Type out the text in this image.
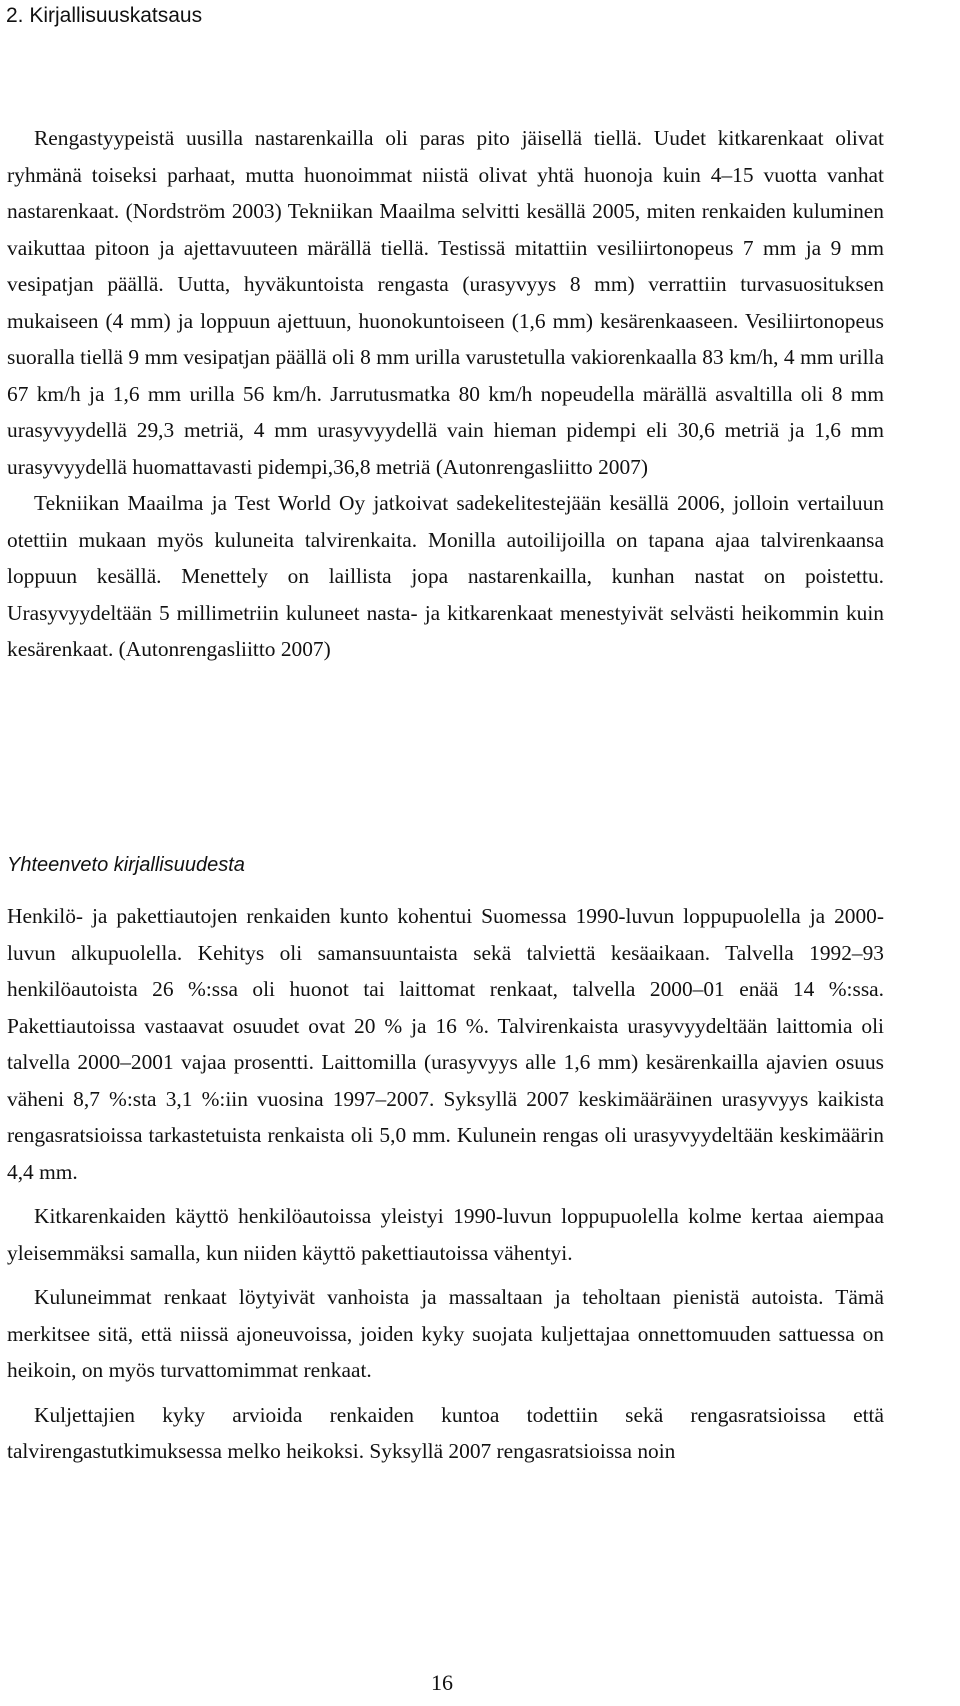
2. Kirjallisuuskatsaus

Rengastyypeistä uusilla nastarenkailla oli paras pito jäisellä tiellä. Uudet kitkarenkaat olivat ryhmänä toiseksi parhaat, mutta huonoimmat niistä olivat yhtä huonoja kuin 4–15 vuotta vanhat nastarenkaat. (Nordström 2003) Tekniikan Maailma selvitti kesällä 2005, miten renkaiden kuluminen vaikuttaa pitoon ja ajettavuuteen märällä tiellä. Testissä mitattiin vesiliirtonopeus 7 mm ja 9 mm vesipatjan päällä. Uutta, hyväkuntoista rengasta (urasyvyys 8 mm) verrattiin turvasuosituksen mukaiseen (4 mm) ja loppuun ajettuun, huonokuntoiseen (1,6 mm) kesärenkaaseen. Vesiliirtonopeus suoralla tiellä 9 mm vesipatjan päällä oli 8 mm urilla varustetulla vakiorenkaalla 83 km/h, 4 mm urilla 67 km/h ja 1,6 mm urilla 56 km/h. Jarrutusmatka 80 km/h nopeudella märällä asvaltilla oli 8 mm urasyvyydellä 29,3 metriä, 4 mm urasyvyydellä vain hieman pidempi eli 30,6 metriä ja 1,6 mm urasyvyydellä huomattavasti pidempi,36,8 metriä (Autonrengasliitto 2007)

Tekniikan Maailma ja Test World Oy jatkoivat sadekelitestejään kesällä 2006, jolloin vertailuun otettiin mukaan myös kuluneita talvirenkaita. Monilla autoilijoilla on tapana ajaa talvirenkaansa loppuun kesällä. Menettely on laillista jopa nastarenkailla, kunhan nastat on poistettu. Urasyvyydeltään 5 millimetriin kuluneet nasta- ja kitkarenkaat menestyivät selvästi heikommin kuin kesärenkaat. (Autonrengasliitto 2007)

Yhteenveto kirjallisuudesta

Henkilö- ja pakettiautojen renkaiden kunto kohentui Suomessa 1990-luvun loppupuolella ja 2000-luvun alkupuolella. Kehitys oli samansuuntaista sekä talviettä kesäaikaan. Talvella 1992–93 henkilöautoista 26 %:ssa oli huonot tai laittomat renkaat, talvella 2000–01 enää 14 %:ssa. Pakettiautoissa vastaavat osuudet ovat 20 % ja 16 %. Talvirenkaista urasyvyydeltään laittomia oli talvella 2000–2001 vajaa prosentti. Laittomilla (urasyvyys alle 1,6 mm) kesärenkailla ajavien osuus väheni 8,7 %:sta 3,1 %:iin vuosina 1997–2007. Syksyllä 2007 keskimääräinen urasyvyys kaikista rengasratsioissa tarkastetuista renkaista oli 5,0 mm. Kulunein rengas oli urasyvyydeltään keskimäärin 4,4 mm.

Kitkarenkaiden käyttö henkilöautoissa yleistyi 1990-luvun loppupuolella kolme kertaa aiempaa yleisemmäksi samalla, kun niiden käyttö pakettiautoissa vähentyi.

Kuluneimmat renkaat löytyivät vanhoista ja massaltaan ja teholtaan pienistä autoista. Tämä merkitsee sitä, että niissä ajoneuvoissa, joiden kyky suojata kuljettajaa onnettomuuden sattuessa on heikoin, on myös turvattomimmat renkaat.

Kuljettajien kyky arvioida renkaiden kuntoa todettiin sekä rengasratsioissa että talvirengastutkimuksessa melko heikoksi. Syksyllä 2007 rengasratsioissa noin

16
